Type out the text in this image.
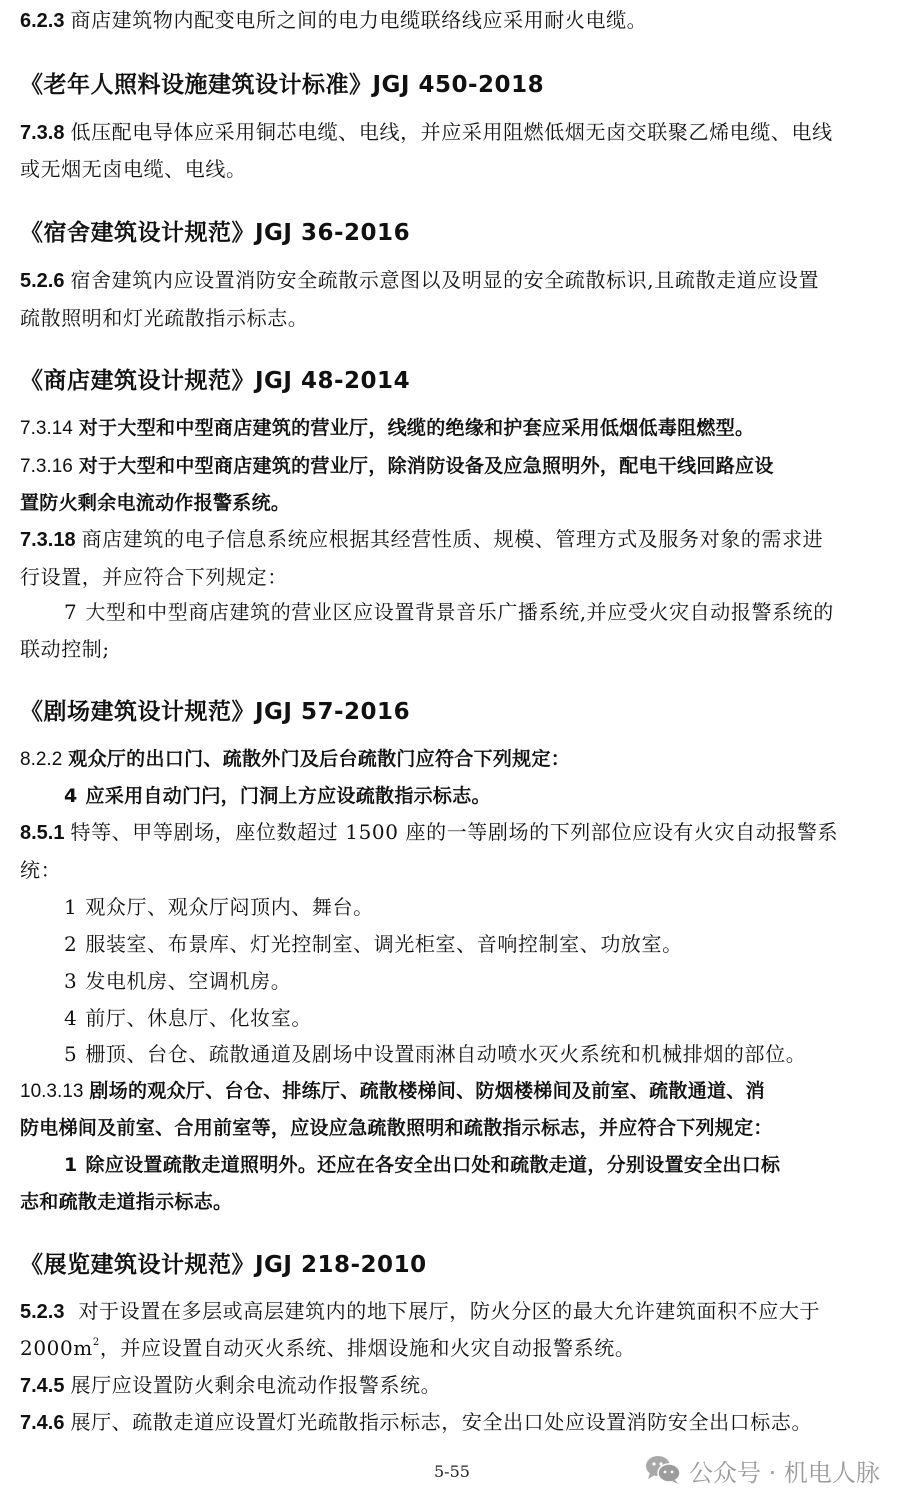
6.2.3 商店建筑物内配变电所之间的电力电缆联络线应采用耐火电缆。
《老年人照料设施建筑设计标准》JGJ 450-2018
7.3.8 低压配电导体应采用铜芯电缆、电线，并应采用阻燃低烟无卤交联聚乙烯电缆、电线
或无烟无卤电缆、电线。
《宿舍建筑设计规范》JGJ 36-2016
5.2.6 宿舍建筑内应设置消防安全疏散示意图以及明显的安全疏散标识,且疏散走道应设置
疏散照明和灯光疏散指示标志。
《商店建筑设计规范》JGJ 48-2014
7.3.14 对于大型和中型商店建筑的营业厅，线缆的绝缘和护套应采用低烟低毒阻燃型。
7.3.16 对于大型和中型商店建筑的营业厅，除消防设备及应急照明外，配电干线回路应设
置防火剩余电流动作报警系统。
7.3.18 商店建筑的电子信息系统应根据其经营性质、规模、管理方式及服务对象的需求进
行设置，并应符合下列规定：
7 大型和中型商店建筑的营业区应设置背景音乐广播系统,并应受火灾自动报警系统的
联动控制;
《剧场建筑设计规范》JGJ 57-2016
8.2.2 观众厅的出口门、疏散外门及后台疏散门应符合下列规定：
4 应采用自动门闩，门洞上方应设疏散指示标志。
8.5.1 特等、甲等剧场，座位数超过 1500 座的一等剧场的下列部位应设有火灾自动报警系
统：
1 观众厅、观众厅闷顶内、舞台。
2 服装室、布景库、灯光控制室、调光柜室、音响控制室、功放室。
3 发电机房、空调机房。
4 前厅、休息厅、化妆室。
5 栅顶、台仓、疏散通道及剧场中设置雨淋自动喷水灭火系统和机械排烟的部位。
10.3.13 剧场的观众厅、台仓、排练厅、疏散楼梯间、防烟楼梯间及前室、疏散通道、消
防电梯间及前室、合用前室等，应设应急疏散照明和疏散指示标志，并应符合下列规定：
1 除应设置疏散走道照明外。还应在各安全出口处和疏散走道，分别设置安全出口标
志和疏散走道指示标志。
《展览建筑设计规范》JGJ 218-2010
5.2.3 对于设置在多层或高层建筑内的地下展厅，防火分区的最大允许建筑面积不应大于
$2000m^2$，并应设置自动灭火系统、排烟设施和火灾自动报警系统。
7.4.5 展厅应设置防火剩余电流动作报警系统。
7.4.6 展厅、疏散走道应设置灯光疏散指示标志，安全出口处应设置消防安全出口标志。
5-55	公众号 · 机电人脉
